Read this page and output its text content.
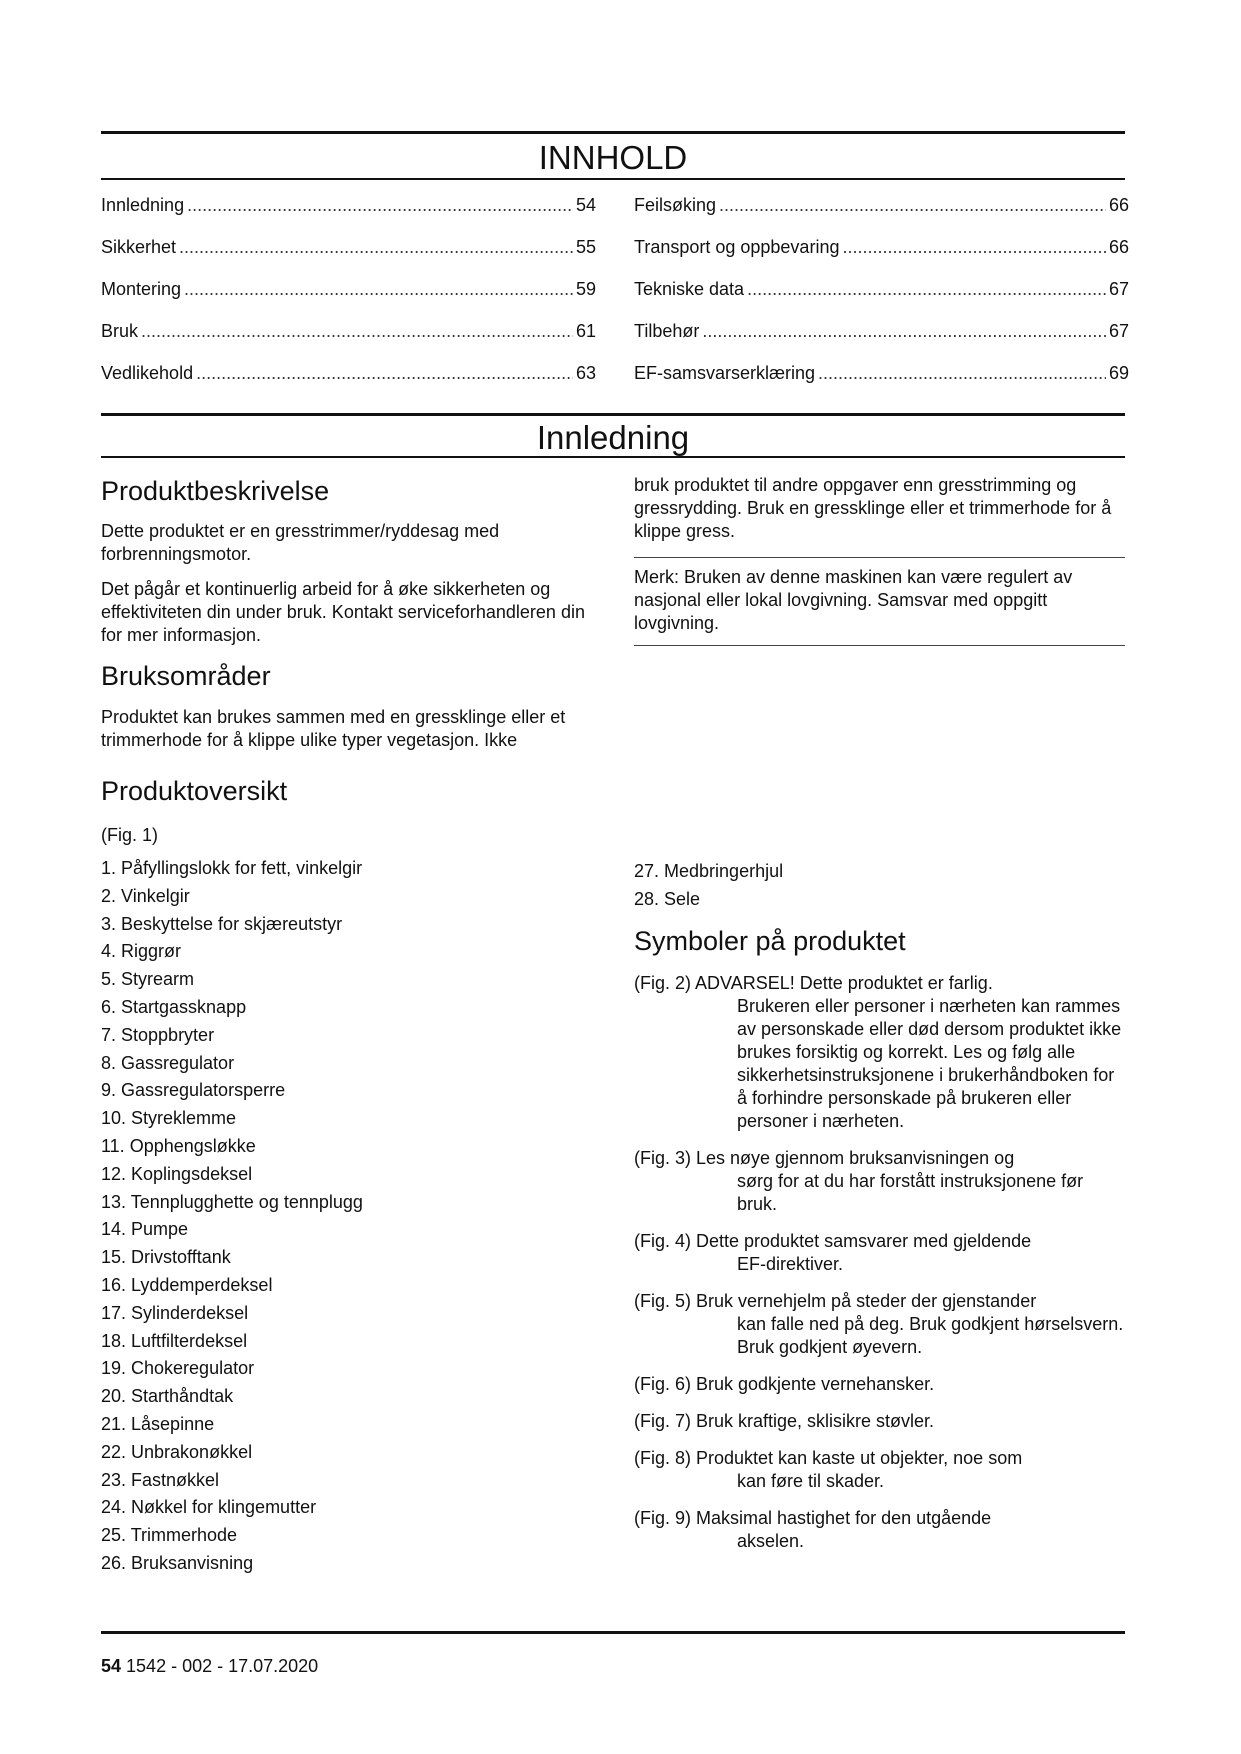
INNHOLD
Innledning .....	54
Sikkerhet .....	55
Montering .....	59
Bruk .....	61
Vedlikehold .....	63
Feilsøking .....	66
Transport og oppbevaring .....	66
Tekniske data .....	67
Tilbehør .....	67
EF-samsvarserklæring .....	69
Innledning
Produktbeskrivelse

Dette produktet er en gresstrimmer/ryddesag med forbrenningsmotor.

Det pågår et kontinuerlig arbeid for å øke sikkerheten og effektiviteten din under bruk. Kontakt serviceforhandleren din for mer informasjon.

Bruksområder

Produktet kan brukes sammen med en gressklinge eller et trimmerhode for å klippe ulike typer vegetasjon. Ikke

bruk produktet til andre oppgaver enn gresstrimming og gressrydding. Bruk en gressklinge eller et trimmerhode for å klippe gress.

Merk: Bruken av denne maskinen kan være regulert av nasjonal eller lokal lovgivning. Samsvar med oppgitt lovgivning.
Produktoversikt

(Fig. 1)

1. Påfyllingslokk for fett, vinkelgir
2. Vinkelgir
3. Beskyttelse for skjæreutstyr
4. Riggrør
5. Styrearm
6. Startgassknapp
7. Stoppbryter
8. Gassregulator
9. Gassregulatorsperre
10. Styreklemme
11. Opphengsløkke
12. Koplingsdeksel
13. Tennplugghette og tennplugg
14. Pumpe
15. Drivstofftank
16. Lyddemperdeksel
17. Sylinderdeksel
18. Luftfilterdeksel
19. Chokeregulator
20. Starthåndtak
21. Låsepinne
22. Unbrakonøkkel
23. Fastnøkkel
24. Nøkkel for klingemutter
25. Trimmerhode
26. Bruksanvisning
27. Medbringerhjul
28. Sele
Symboler på produktet

(Fig. 2) ADVARSEL! Dette produktet er farlig.
Brukeren eller personer i nærheten kan rammes av personskade eller død dersom produktet ikke brukes forsiktig og korrekt. Les og følg alle sikkerhetsinstruksjonene i brukerhåndboken for å forhindre personskade på brukeren eller personer i nærheten.

(Fig. 3) Les nøye gjennom bruksanvisningen og
sørg for at du har forstått instruksjonene før bruk.

(Fig. 4) Dette produktet samsvarer med gjeldende
EF-direktiver.

(Fig. 5) Bruk vernehjelm på steder der gjenstander
kan falle ned på deg. Bruk godkjent hørselsvern. Bruk godkjent øyevern.

(Fig. 6) Bruk godkjente vernehansker.

(Fig. 7) Bruk kraftige, sklisikre støvler.

(Fig. 8) Produktet kan kaste ut objekter, noe som
kan føre til skader.

(Fig. 9) Maksimal hastighet for den utgående
akselen.

54 1542 - 002 - 17.07.2020
